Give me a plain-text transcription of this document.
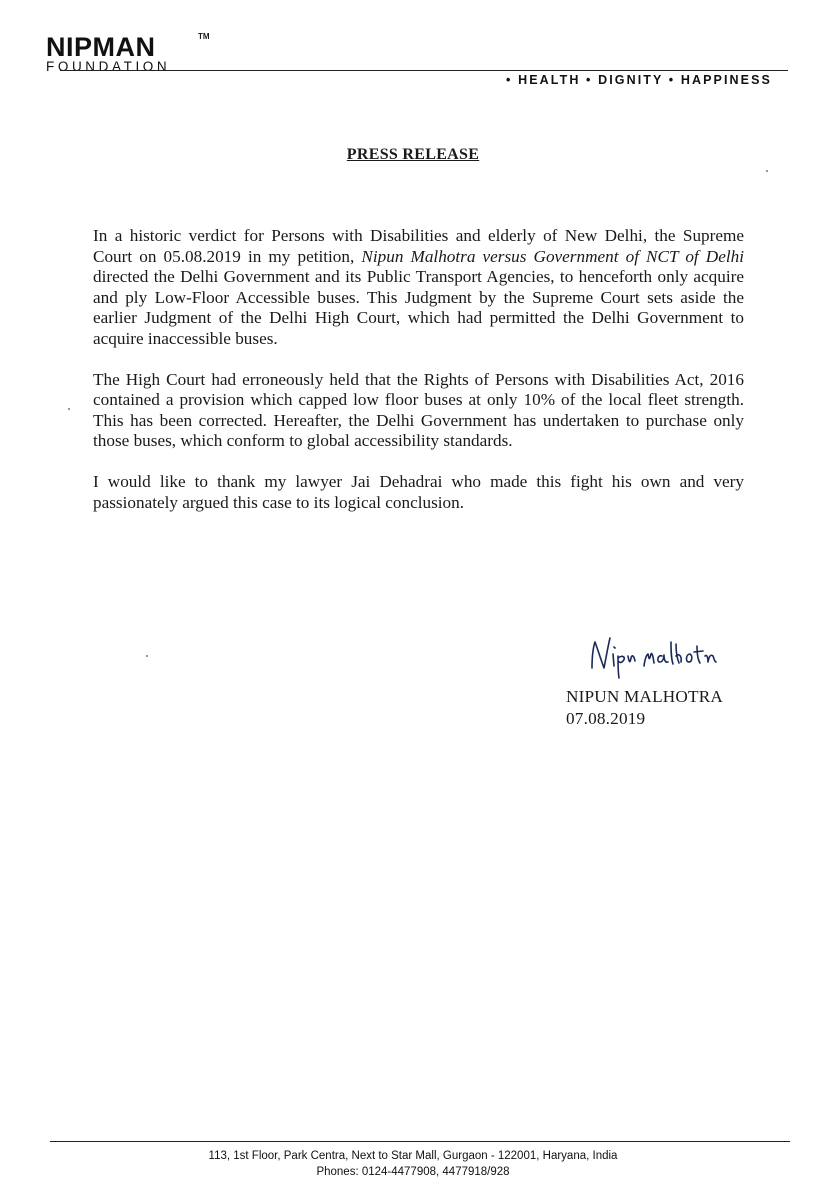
NIPMAN	TM
FOUNDATION
• HEALTH • DIGNITY • HAPPINESS
PRESS RELEASE

In a historic verdict for Persons with Disabilities and elderly of New Delhi, the Supreme Court on 05.08.2019 in my petition, Nipun Malhotra versus Government of NCT of Delhi directed the Delhi Government and its Public Transport Agencies, to henceforth only acquire and ply Low-Floor Accessible buses. This Judgment by the Supreme Court sets aside the earlier Judgment of the Delhi High Court, which had permitted the Delhi Government to acquire inaccessible buses.

The High Court had erroneously held that the Rights of Persons with Disabilities Act, 2016 contained a provision which capped low floor buses at only 10% of the local fleet strength. This has been corrected. Hereafter, the Delhi Government has undertaken to purchase only those buses, which conform to global accessibility standards.

I would like to thank my lawyer Jai Dehadrai who made this fight his own and very passionately argued this case to its logical conclusion.

NIPUN MALHOTRA
07.08.2019
113, 1st Floor, Park Centra, Next to Star Mall, Gurgaon - 122001, Haryana, India
Phones: 0124-4477908, 4477918/928
